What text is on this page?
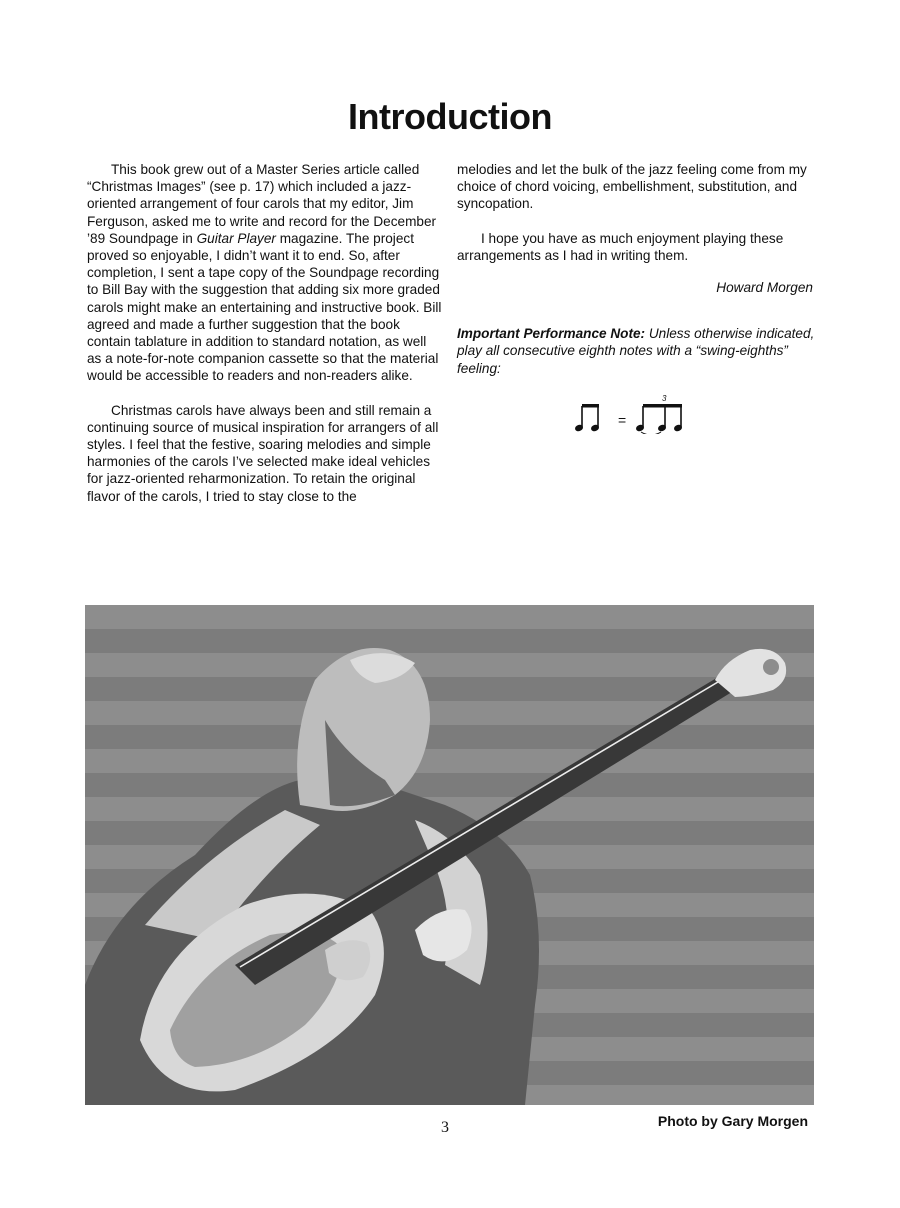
Introduction

This book grew out of a Master Series article called “Christmas Images” (see p. 17) which included a jazz-oriented arrangement of four carols that my editor, Jim Ferguson, asked me to write and record for the December ’89 Soundpage in Guitar Player magazine. The project proved so enjoyable, I didn’t want it to end. So, after completion, I sent a tape copy of the Soundpage recording to Bill Bay with the suggestion that adding six more graded carols might make an entertaining and instructive book. Bill agreed and made a further suggestion that the book contain tablature in addition to standard notation, as well as a note-for-note companion cassette so that the material would be accessible to readers and non-readers alike.

Christmas carols have always been and still remain a continuing source of musical inspiration for arrangers of all styles. I feel that the festive, soaring melodies and simple harmonies of the carols I’ve selected make ideal vehicles for jazz-oriented reharmonization. To retain the original flavor of the carols, I tried to stay close to the

melodies and let the bulk of the jazz feeling come from my choice of chord voicing, embellishment, substitution, and syncopation.

I hope you have as much enjoyment playing these arrangements as I had in writing them.

Howard Morgen

Important Performance Note: Unless otherwise indicated, play all consecutive eighth notes with a “swing-eighths” feeling:

=
3
Photo by Gary Morgen
3
